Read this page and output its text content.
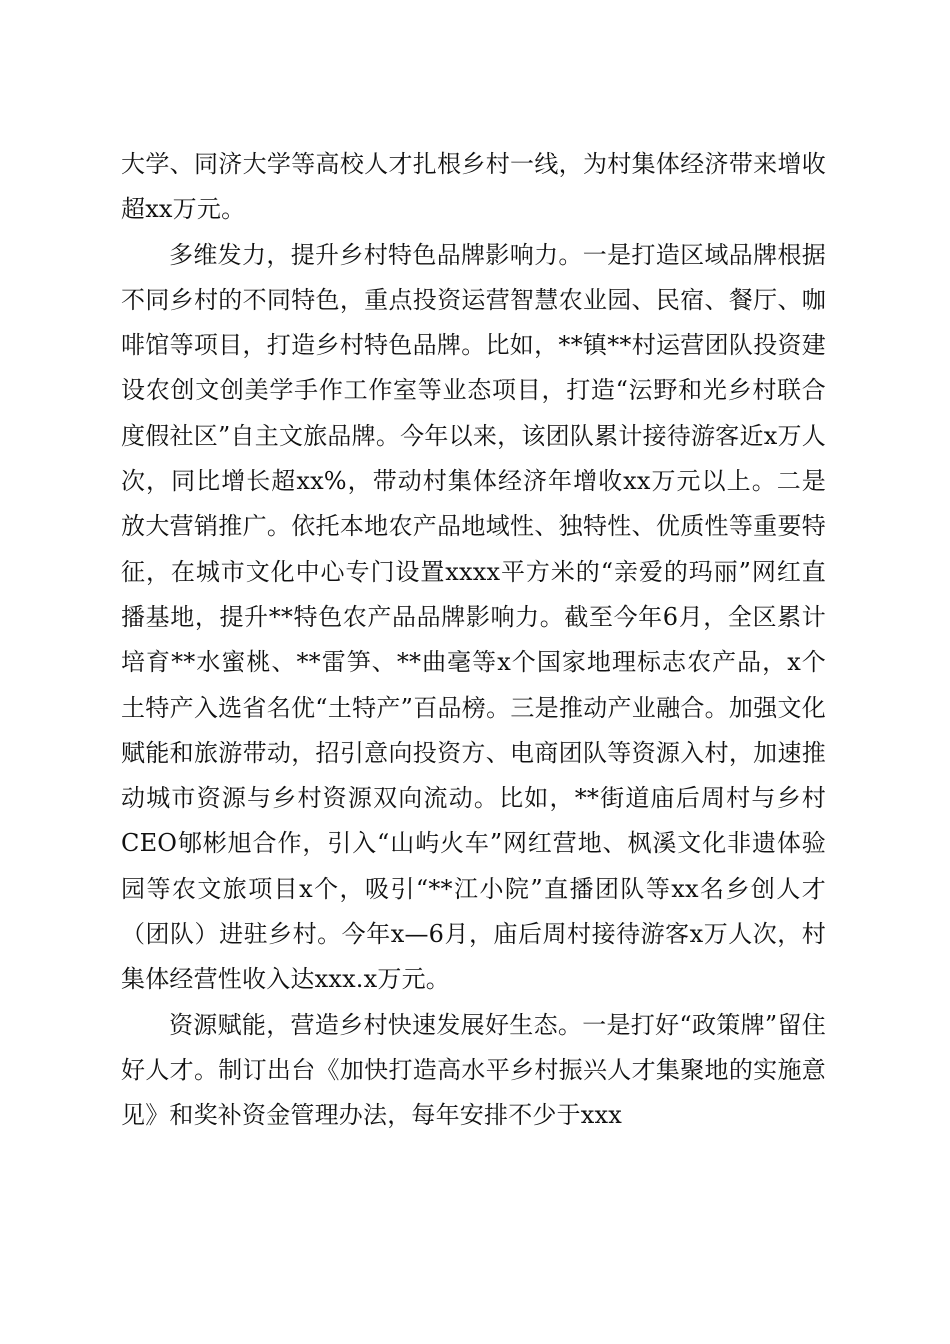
大学、同济大学等高校人才扎根乡村一线，为村集体经济带来增收超xx万元。

多维发力，提升乡村特色品牌影响力。一是打造区域品牌根据不同乡村的不同特色，重点投资运营智慧农业园、民宿、餐厅、咖啡馆等项目，打造乡村特色品牌。比如，**镇**村运营团队投资建设农创文创美学手作工作室等业态项目，打造“沄野和光乡村联合度假社区”自主文旅品牌。今年以来，该团队累计接待游客近x万人次，同比增长超xx%，带动村集体经济年增收xx万元以上。二是放大营销推广。依托本地农产品地域性、独特性、优质性等重要特征，在城市文化中心专门设置xxxx平方米的“亲爱的玛丽”网红直播基地，提升**特色农产品品牌影响力。截至今年6月，全区累计培育**水蜜桃、**雷笋、**曲毫等x个国家地理标志农产品，x个土特产入选省名优“土特产”百品榜。三是推动产业融合。加强文化赋能和旅游带动，招引意向投资方、电商团队等资源入村，加速推动城市资源与乡村资源双向流动。比如，**街道庙后周村与乡村CEO郇彬旭合作，引入“山屿火车”网红营地、枫溪文化非遗体验园等农文旅项目x个，吸引“**江小院”直播团队等xx名乡创人才（团队）进驻乡村。今年x—6月，庙后周村接待游客x万人次，村集体经营性收入达xxx.x万元。

资源赋能，营造乡村快速发展好生态。一是打好“政策牌”留住好人才。制订出台《加快打造高水平乡村振兴人才集聚地的实施意见》和奖补资金管理办法，每年安排不少于xxx
